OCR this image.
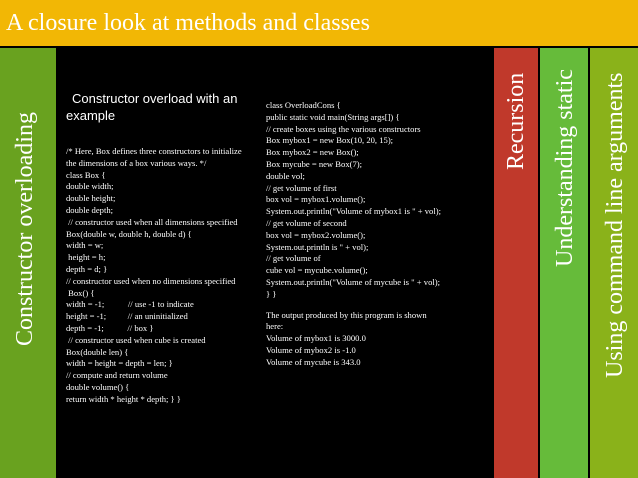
A closure look at methods and classes
Constructor overloading
Constructor overload with an
example
/* Here, Box defines three constructors to initialize
the dimensions of a box various ways. */
class Box {
double width;
double height;
double depth;
// constructor used when all dimensions specified
Box(double w, double h, double d) {
width = w;
height = h;
depth = d; }
// constructor used when no dimensions specified
Box() {
width = -1;           // use -1 to indicate
height = -1;          // an uninitialized
depth = -1;           // box }
// constructor used when cube is created
Box(double len) {
width = height = depth = len; }
// compute and return volume
double volume() {
return width * height * depth; } }
class OverloadCons {
public static void main(String args[]) {
// create boxes using the various constructors
Box mybox1 = new Box(10, 20, 15);
Box mybox2 = new Box();
Box mycube = new Box(7);
double vol;
// get volume of first
box vol = mybox1.volume();
System.out.println("Volume of mybox1 is " + vol);
// get volume of second
box vol = mybox2.volume();
System.out.println is " + vol);
// get volume of
cube vol = mycube.volume();
System.out.println("Volume of mycube is " + vol);
} }
The output produced by this program is shown
here:
Volume of mybox1 is 3000.0
Volume of mybox2 is -1.0
Volume of mycube is 343.0
Recursion Understanding static Using command line arguments
